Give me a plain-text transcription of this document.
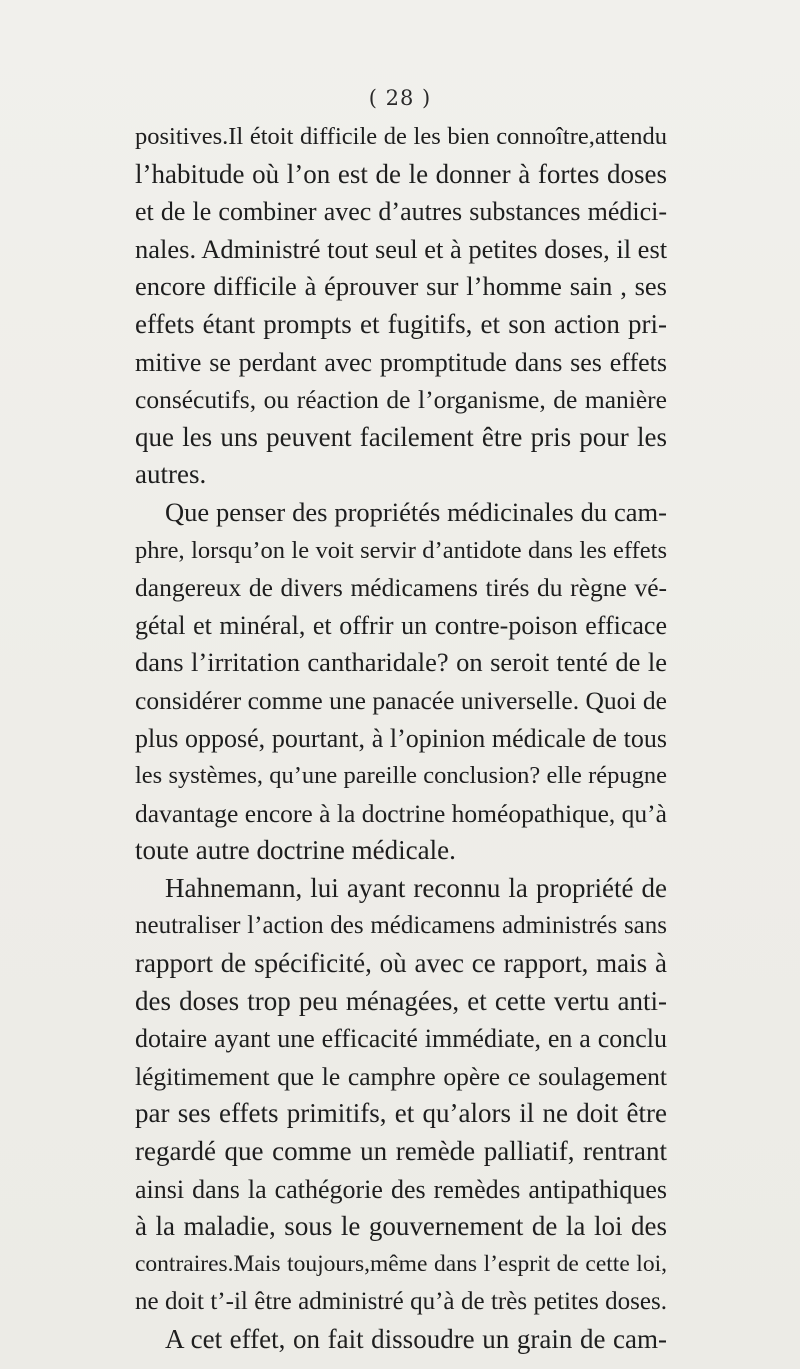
( 28 )
positives.Il étoit difficile de les bien connoître,attendu
l’habitude où l’on est de le donner à fortes doses
et de le combiner avec d’autres substances médici-
nales. Administré tout seul et à petites doses, il est
encore difficile à éprouver sur l’homme sain , ses
effets étant prompts et fugitifs, et son action pri-
mitive se perdant avec promptitude dans ses effets
consécutifs, ou réaction de l’organisme, de manière
que les uns peuvent facilement être pris pour les
autres.
Que penser des propriétés médicinales du cam-
phre, lorsqu’on le voit servir d’antidote dans les effets
dangereux de divers médicamens tirés du règne vé-
gétal et minéral, et offrir un contre-poison efficace
dans l’irritation cantharidale? on seroit tenté de le
considérer comme une panacée universelle. Quoi de
plus opposé, pourtant, à l’opinion médicale de tous
les systèmes, qu’une pareille conclusion? elle répugne
davantage encore à la doctrine homéopathique, qu’à
toute autre doctrine médicale.
Hahnemann, lui ayant reconnu la propriété de
neutraliser l’action des médicamens administrés sans
rapport de spécificité, où avec ce rapport, mais à
des doses trop peu ménagées, et cette vertu anti-
dotaire ayant une efficacité immédiate, en a conclu
légitimement que le camphre opère ce soulagement
par ses effets primitifs, et qu’alors il ne doit être
regardé que comme un remède palliatif, rentrant
ainsi dans la cathégorie des remèdes antipathiques
à la maladie, sous le gouvernement de la loi des
contraires.Mais toujours,même dans l’esprit de cette loi,
ne doit t’-il être administré qu’à de très petites doses.
A cet effet, on fait dissoudre un grain de cam-
